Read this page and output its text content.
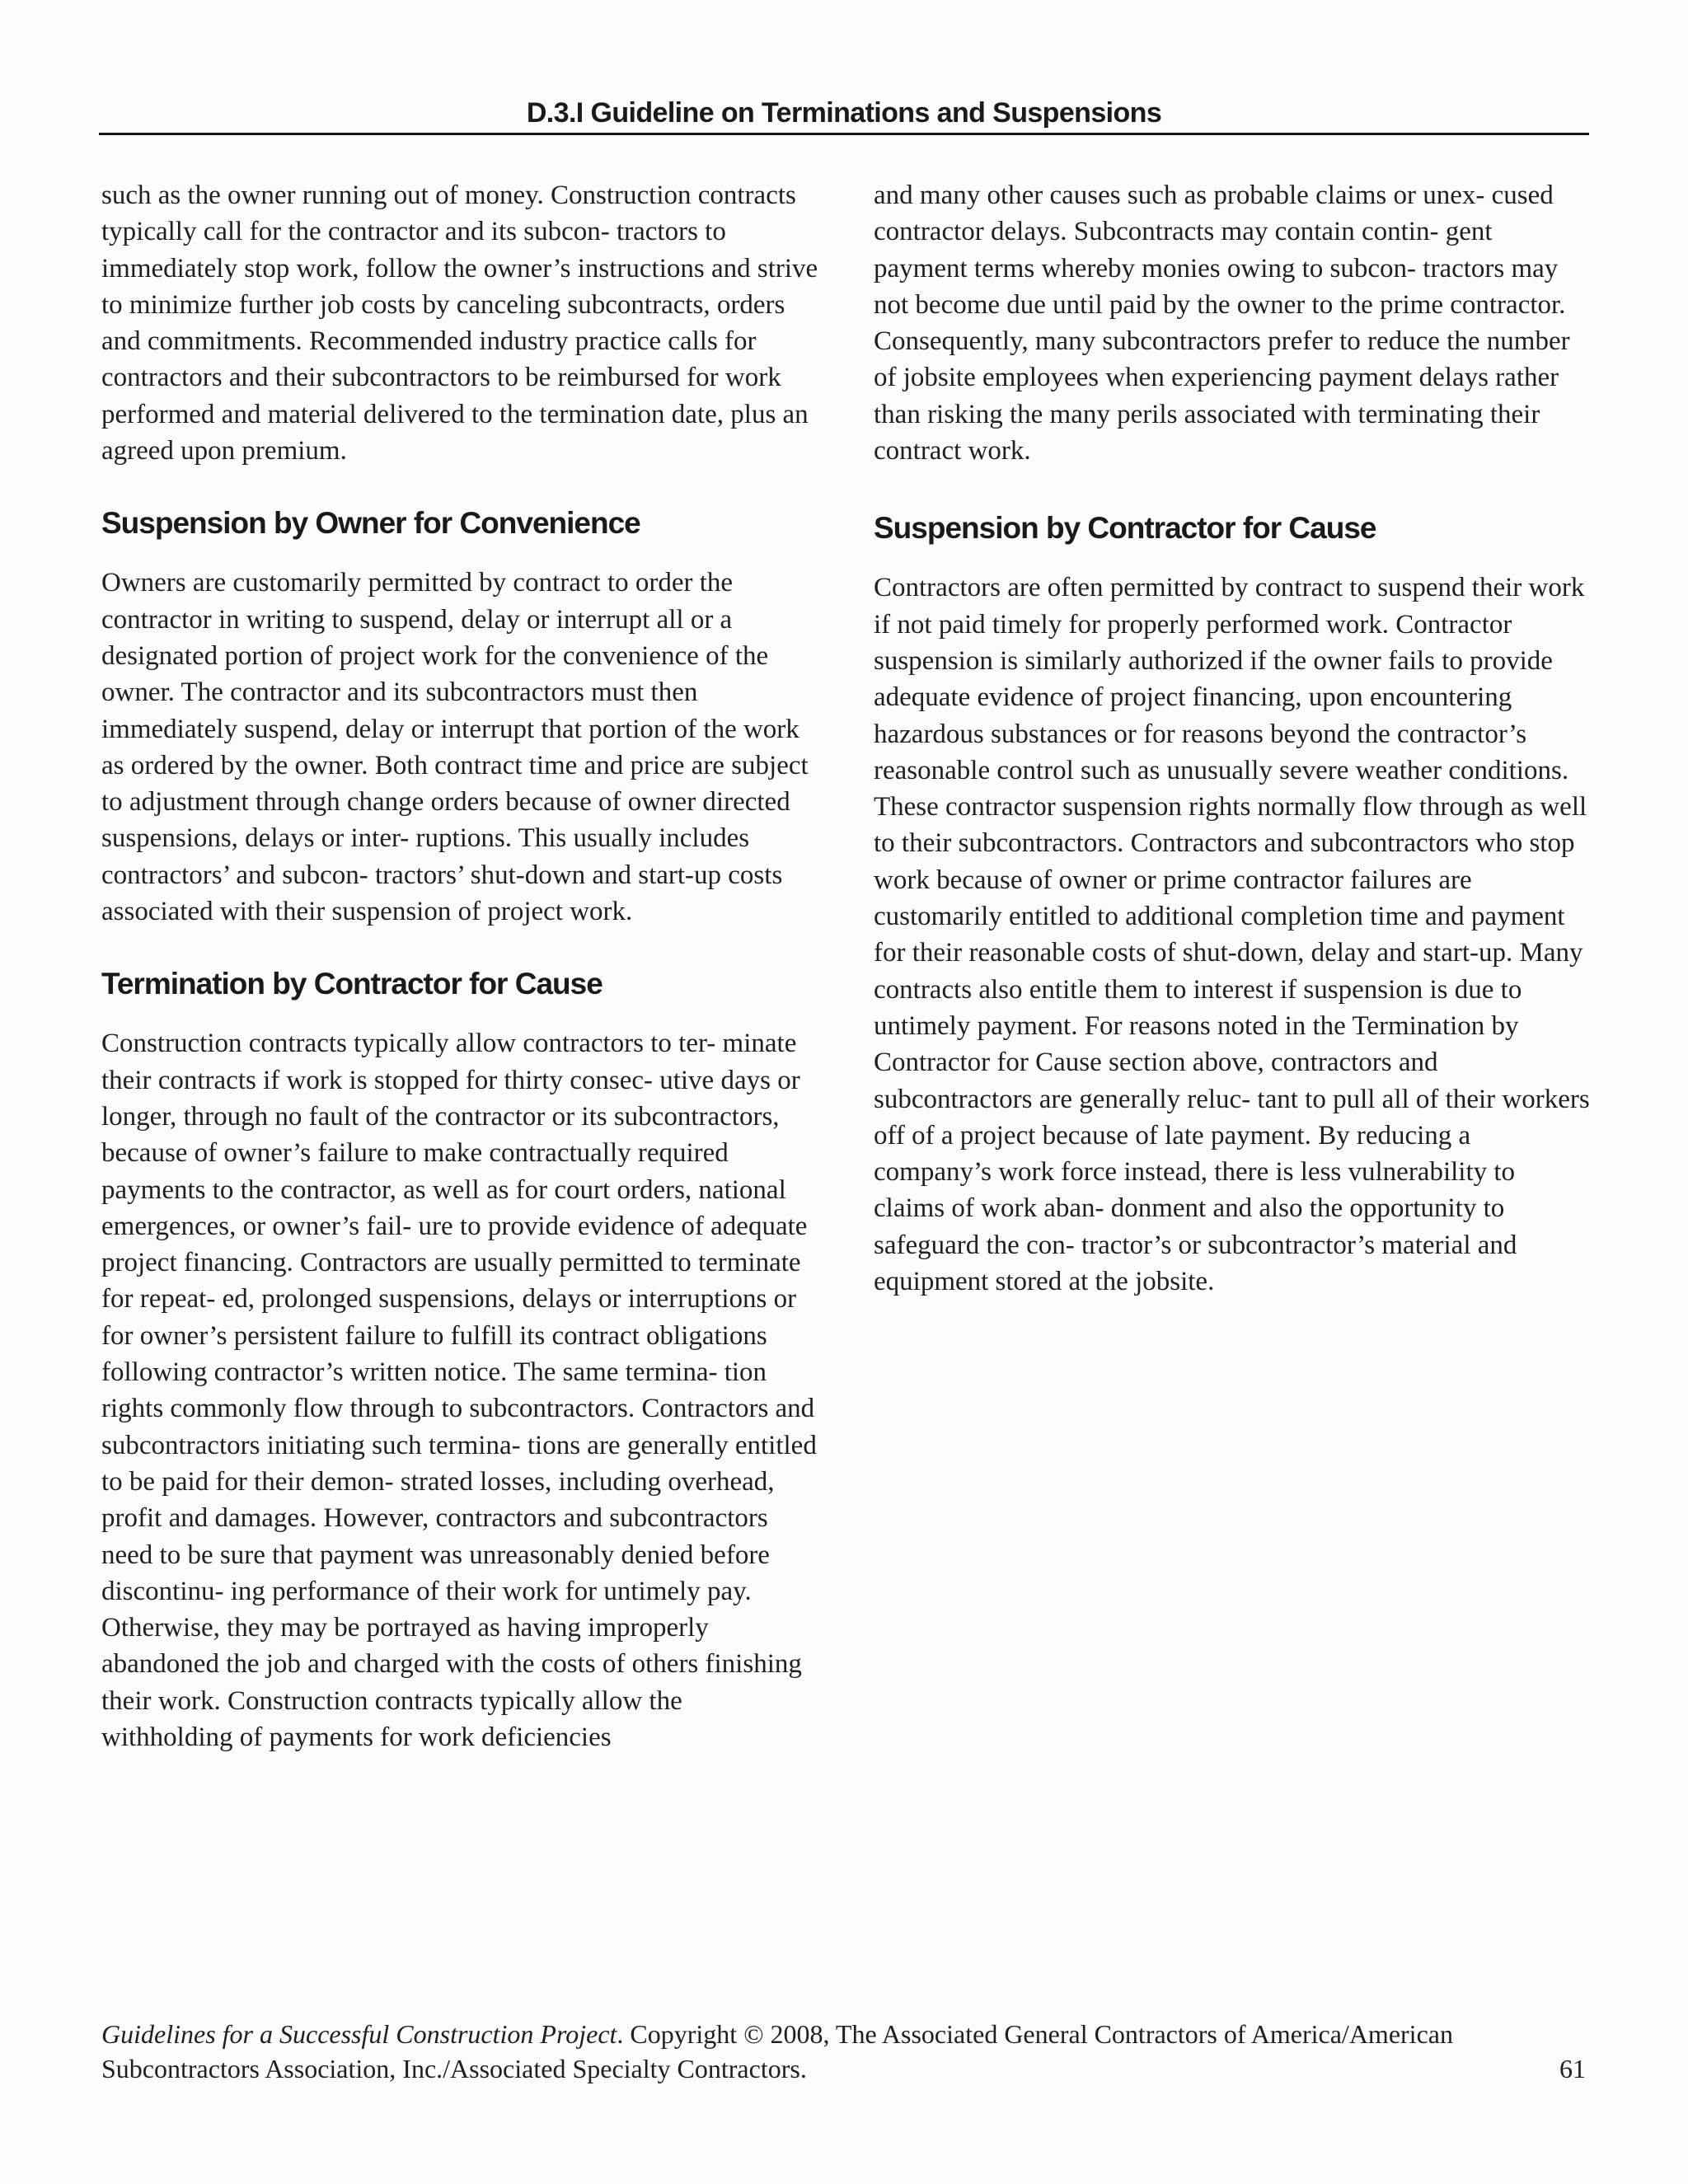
D.3.I Guideline on Terminations and Suspensions

such as the owner running out of money. Construction contracts typically call for the contractor and its subcon- tractors to immediately stop work, follow the owner’s instructions and strive to minimize further job costs by canceling subcontracts, orders and commitments. Recommended industry practice calls for contractors and their subcontractors to be reimbursed for work performed and material delivered to the termination date, plus an agreed upon premium.

Suspension by Owner for Convenience

Owners are customarily permitted by contract to order the contractor in writing to suspend, delay or interrupt all or a designated portion of project work for the convenience of the owner. The contractor and its subcontractors must then immediately suspend, delay or interrupt that portion of the work as ordered by the owner. Both contract time and price are subject to adjustment through change orders because of owner directed suspensions, delays or inter- ruptions. This usually includes contractors’ and subcon- tractors’ shut-down and start-up costs associated with their suspension of project work.

Termination by Contractor for Cause

Construction contracts typically allow contractors to ter- minate their contracts if work is stopped for thirty consec- utive days or longer, through no fault of the contractor or its subcontractors, because of owner’s failure to make contractually required payments to the contractor, as well as for court orders, national emergences, or owner’s fail- ure to provide evidence of adequate project financing. Contractors are usually permitted to terminate for repeat- ed, prolonged suspensions, delays or interruptions or for owner’s persistent failure to fulfill its contract obligations following contractor’s written notice. The same termina- tion rights commonly flow through to subcontractors. Contractors and subcontractors initiating such termina- tions are generally entitled to be paid for their demon- strated losses, including overhead, profit and damages. However, contractors and subcontractors need to be sure that payment was unreasonably denied before discontinu- ing performance of their work for untimely pay. Otherwise, they may be portrayed as having improperly abandoned the job and charged with the costs of others finishing their work. Construction contracts typically allow the withholding of payments for work deficiencies

and many other causes such as probable claims or unex- cused contractor delays. Subcontracts may contain contin- gent payment terms whereby monies owing to subcon- tractors may not become due until paid by the owner to the prime contractor. Consequently, many subcontractors prefer to reduce the number of jobsite employees when experiencing payment delays rather than risking the many perils associated with terminating their contract work.

Suspension by Contractor for Cause

Contractors are often permitted by contract to suspend their work if not paid timely for properly performed work. Contractor suspension is similarly authorized if the owner fails to provide adequate evidence of project financing, upon encountering hazardous substances or for reasons beyond the contractor’s reasonable control such as unusually severe weather conditions. These contractor suspension rights normally flow through as well to their subcontractors. Contractors and subcontractors who stop work because of owner or prime contractor failures are customarily entitled to additional completion time and payment for their reasonable costs of shut-down, delay and start-up. Many contracts also entitle them to interest if suspension is due to untimely payment. For reasons noted in the Termination by Contractor for Cause section above, contractors and subcontractors are generally reluc- tant to pull all of their workers off of a project because of late payment. By reducing a company’s work force instead, there is less vulnerability to claims of work aban- donment and also the opportunity to safeguard the con- tractor’s or subcontractor’s material and equipment stored at the jobsite.

Guidelines for a Successful Construction Project. Copyright © 2008, The Associated General Contractors of America/American Subcontractors Association, Inc./Associated Specialty Contractors.	61
